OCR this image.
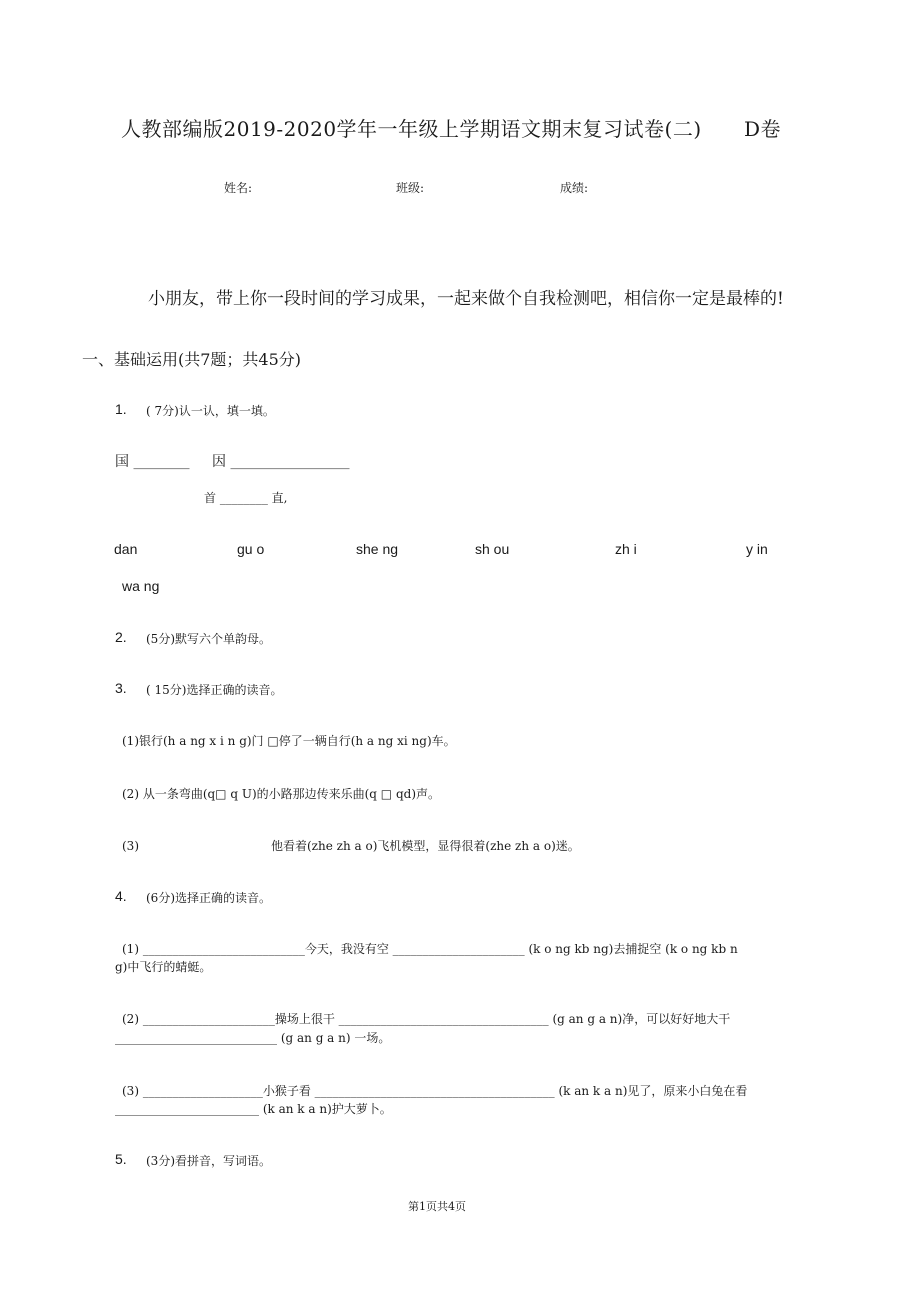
人教部编版2019-2020学年一年级上学期语文期末复习试卷(二) D卷
姓名:	班级:	成绩:
小朋友，带上你一段时间的学习成果，一起来做个自我检测吧，相信你一定是最棒的!
一、基础运用(共7题；共45分)
1. ( 7分)认一认，填一填。
国 ________ 因 _________________
首 ________ 直,
dan	gu o	she ng	sh ou	zh i	y in
wa ng
2. (5分)默写六个单韵母。
3. ( 15分)选择正确的读音。
(1)银行(h a ng x i n g)门 □停了一辆自行(h a ng xi ng)车。
(2) 从一条弯曲(q□ q U)的小路那边传来乐曲(q □ qd)声。
(3)	他看着(zhe zh a o)飞机模型，显得很着(zhe zh a o)迷。
4. (6分)选择正确的读音。
(1) ___________________________今天，我没有空 ______________________ (k o ng kb ng)去捕捉空 (k o ng kb n
g)中飞行的蜻蜓。
(2) ______________________操场上很干 ___________________________________ (g an g a n)净，可以好好地大干
___________________________ (g an g a n) 一场。
(3) ____________________小猴子看 ________________________________________ (k an k a n)见了，原来小白兔在看
________________________ (k an k a n)护大萝卜。
5. (3分)看拼音，写词语。
第1页共4页
